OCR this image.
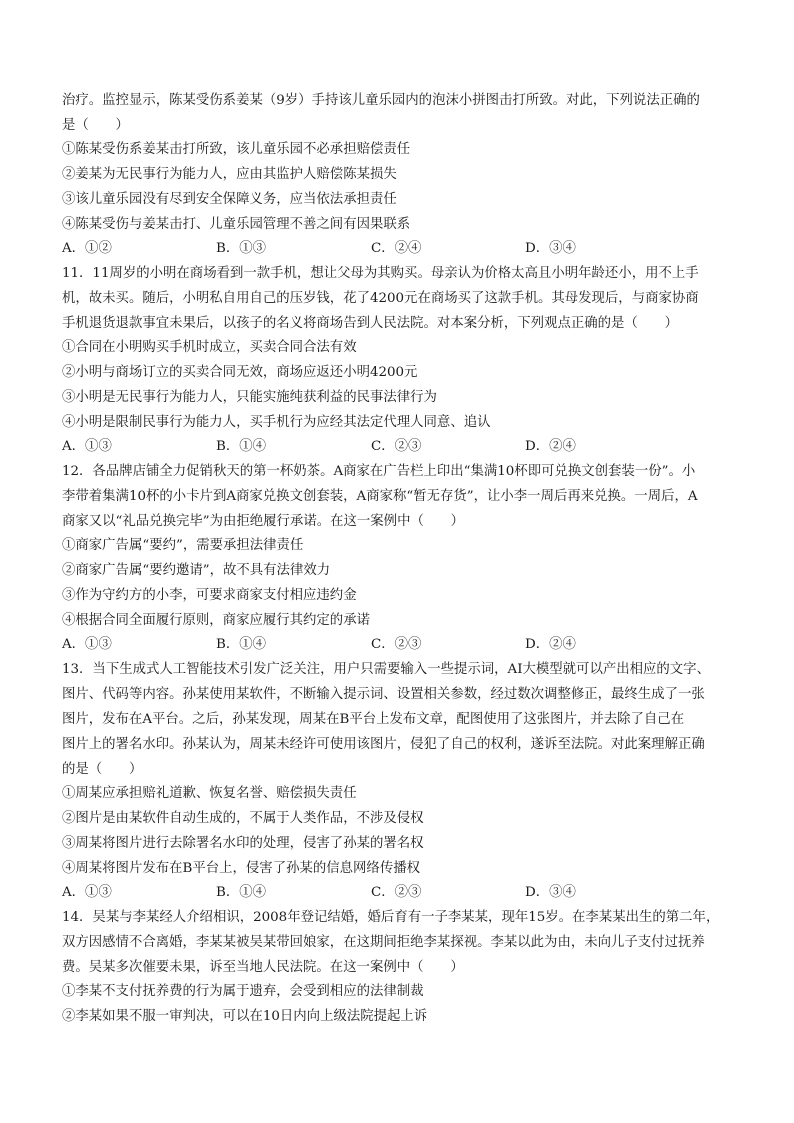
治疗。监控显示，陈某受伤系姜某（9岁）手持该儿童乐园内的泡沫小拼图击打所致。对此，下列说法正确的
是（　　）
①陈某受伤系姜某击打所致，该儿童乐园不必承担赔偿责任
②姜某为无民事行为能力人，应由其监护人赔偿陈某损失
③该儿童乐园没有尽到安全保障义务，应当依法承担责任
④陈某受伤与姜某击打、儿童乐园管理不善之间有因果联系
A．①②	B．①③	C．②④	D．③④
11．11周岁的小明在商场看到一款手机，想让父母为其购买。母亲认为价格太高且小明年龄还小，用不上手
机，故未买。随后，小明私自用自己的压岁钱，花了4200元在商场买了这款手机。其母发现后，与商家协商
手机退货退款事宜未果后，以孩子的名义将商场告到人民法院。对本案分析，下列观点正确的是（　　）
①合同在小明购买手机时成立，买卖合同合法有效
②小明与商场订立的买卖合同无效，商场应返还小明4200元
③小明是无民事行为能力人，只能实施纯获利益的民事法律行为
④小明是限制民事行为能力人，买手机行为应经其法定代理人同意、追认
A．①③	B．①④	C．②③	D．②④
12．各品牌店铺全力促销秋天的第一杯奶茶。A商家在广告栏上印出“集满10杯即可兑换文创套装一份”。小
李带着集满10杯的小卡片到A商家兑换文创套装，A商家称“暂无存货”，让小李一周后再来兑换。一周后，A
商家又以“礼品兑换完毕”为由拒绝履行承诺。在这一案例中（　　）
①商家广告属“要约”，需要承担法律责任
②商家广告属“要约邀请”，故不具有法律效力
③作为守约方的小李，可要求商家支付相应违约金
④根据合同全面履行原则，商家应履行其约定的承诺
A．①③	B．①④	C．②③	D．②④
13．当下生成式人工智能技术引发广泛关注，用户只需要输入一些提示词，AI大模型就可以产出相应的文字、
图片、代码等内容。孙某使用某软件，不断输入提示词、设置相关参数，经过数次调整修正，最终生成了一张
图片，发布在A平台。之后，孙某发现，周某在B平台上发布文章，配图使用了这张图片，并去除了自己在
图片上的署名水印。孙某认为，周某未经许可使用该图片，侵犯了自己的权利，遂诉至法院。对此案理解正确
的是（　　）
①周某应承担赔礼道歉、恢复名誉、赔偿损失责任
②图片是由某软件自动生成的，不属于人类作品，不涉及侵权
③周某将图片进行去除署名水印的处理，侵害了孙某的署名权
④周某将图片发布在B平台上，侵害了孙某的信息网络传播权
A．①③	B．①④	C．②③	D．③④
14．吴某与李某经人介绍相识，2008年登记结婚，婚后育有一子李某某，现年15岁。在李某某出生的第二年，
双方因感情不合离婚，李某某被吴某带回娘家，在这期间拒绝李某探视。李某以此为由，未向儿子支付过抚养
费。吴某多次催要未果，诉至当地人民法院。在这一案例中（　　）
①李某不支付抚养费的行为属于遗弃，会受到相应的法律制裁
②李某如果不服一审判决，可以在10日内向上级法院提起上诉
